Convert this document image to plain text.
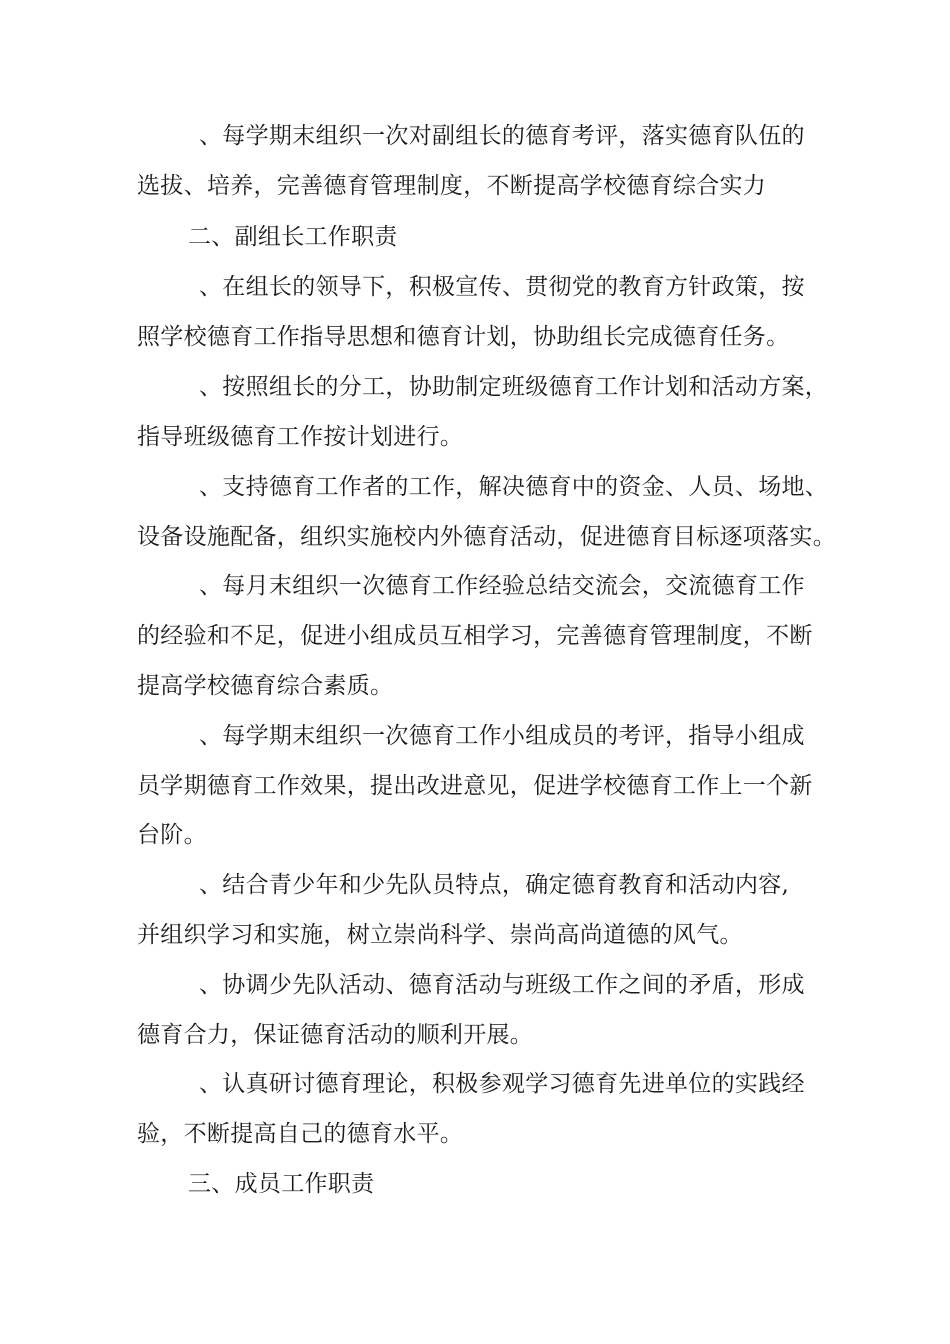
、每学期末组织一次对副组长的德育考评，落实德育队伍的
选拔、培养，完善德育管理制度，不断提高学校德育综合实力
二、副组长工作职责
、在组长的领导下，积极宣传、贯彻党的教育方针政策，按
照学校德育工作指导思想和德育计划，协助组长完成德育任务。
、按照组长的分工，协助制定班级德育工作计划和活动方案，
指导班级德育工作按计划进行。
、支持德育工作者的工作，解决德育中的资金、人员、场地、
设备设施配备，组织实施校内外德育活动，促进德育目标逐项落实。
、每月末组织一次德育工作经验总结交流会，交流德育工作
的经验和不足，促进小组成员互相学习，完善德育管理制度，不断
提高学校德育综合素质。
、每学期末组织一次德育工作小组成员的考评，指导小组成
员学期德育工作效果，提出改进意见，促进学校德育工作上一个新
台阶。
、结合青少年和少先队员特点，确定德育教育和活动内容,
并组织学习和实施，树立崇尚科学、崇尚高尚道德的风气。
、协调少先队活动、德育活动与班级工作之间的矛盾，形成
德育合力，保证德育活动的顺利开展。
、认真研讨德育理论，积极参观学习德育先进单位的实践经
验，不断提高自己的德育水平。
三、成员工作职责
